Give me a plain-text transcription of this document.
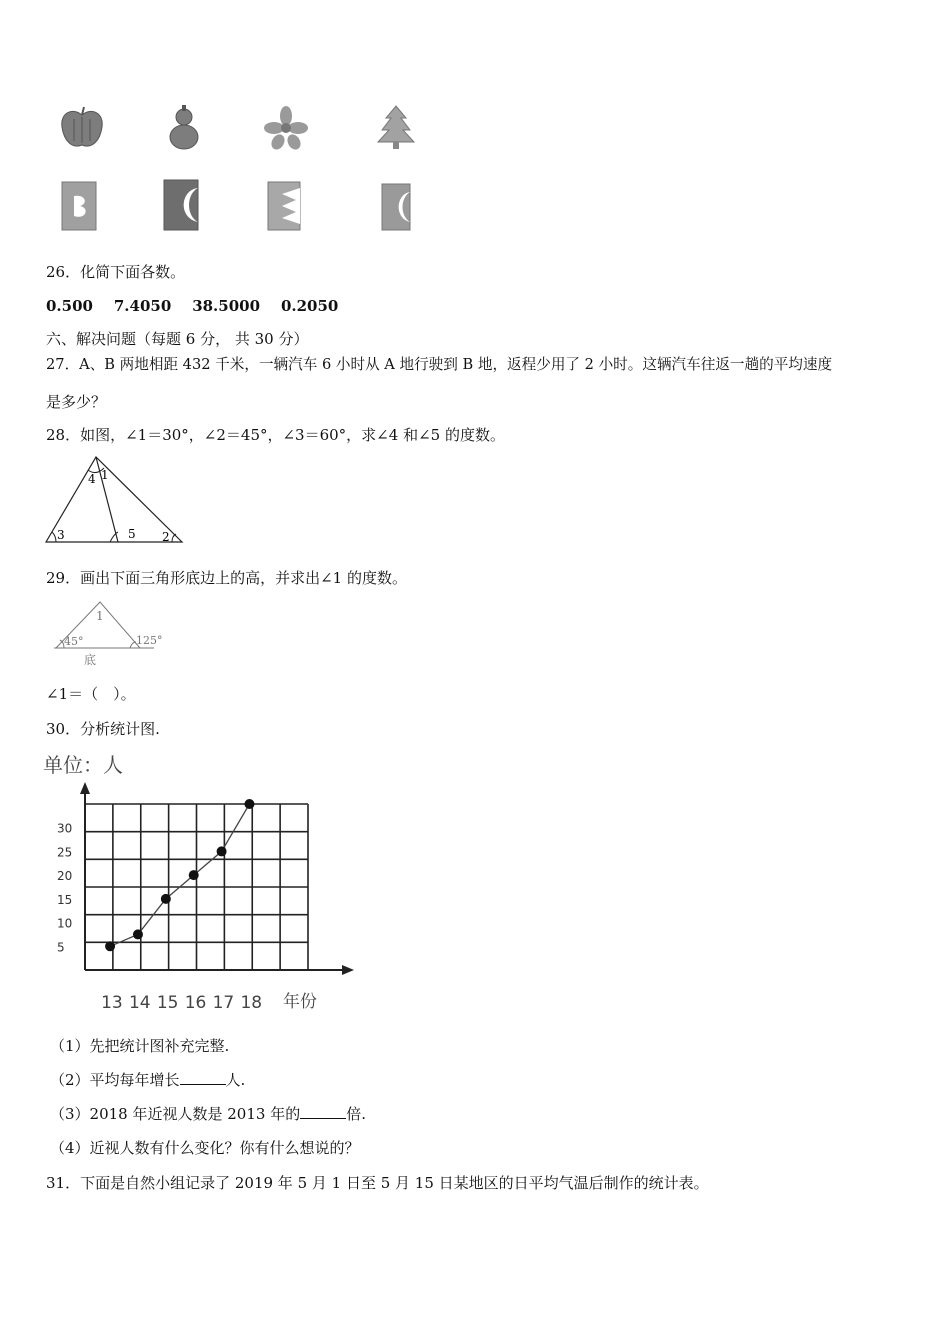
26．化简下面各数。
0.500 7.4050 38.5000 0.2050
六、解决问题（每题 6 分， 共 30 分）
27．A、B 两地相距 432 千米，一辆汽车 6 小时从 A 地行驶到 B 地，返程少用了 2 小时。这辆汽车往返一趟的平均速度
是多少？
28．如图，∠1＝30°，∠2＝45°，∠3＝60°，求∠4 和∠5 的度数。
4 1
3	5 2
29．画出下面三角形底边上的高，并求出∠1 的度数。
1
45°	125°
底
∠1＝（　）。
30．分析统计图.
单位：人
年份
5
10
15
20
25
30
13 14 15 16 17 18
（1）先把统计图补充完整.
（2）平均每年增长	人.
（3）2018 年近视人数是 2013 年的	倍.
（4）近视人数有什么变化？你有什么想说的？
31．下面是自然小组记录了 2019 年 5 月 1 日至 5 月 15 日某地区的日平均气温后制作的统计表。
